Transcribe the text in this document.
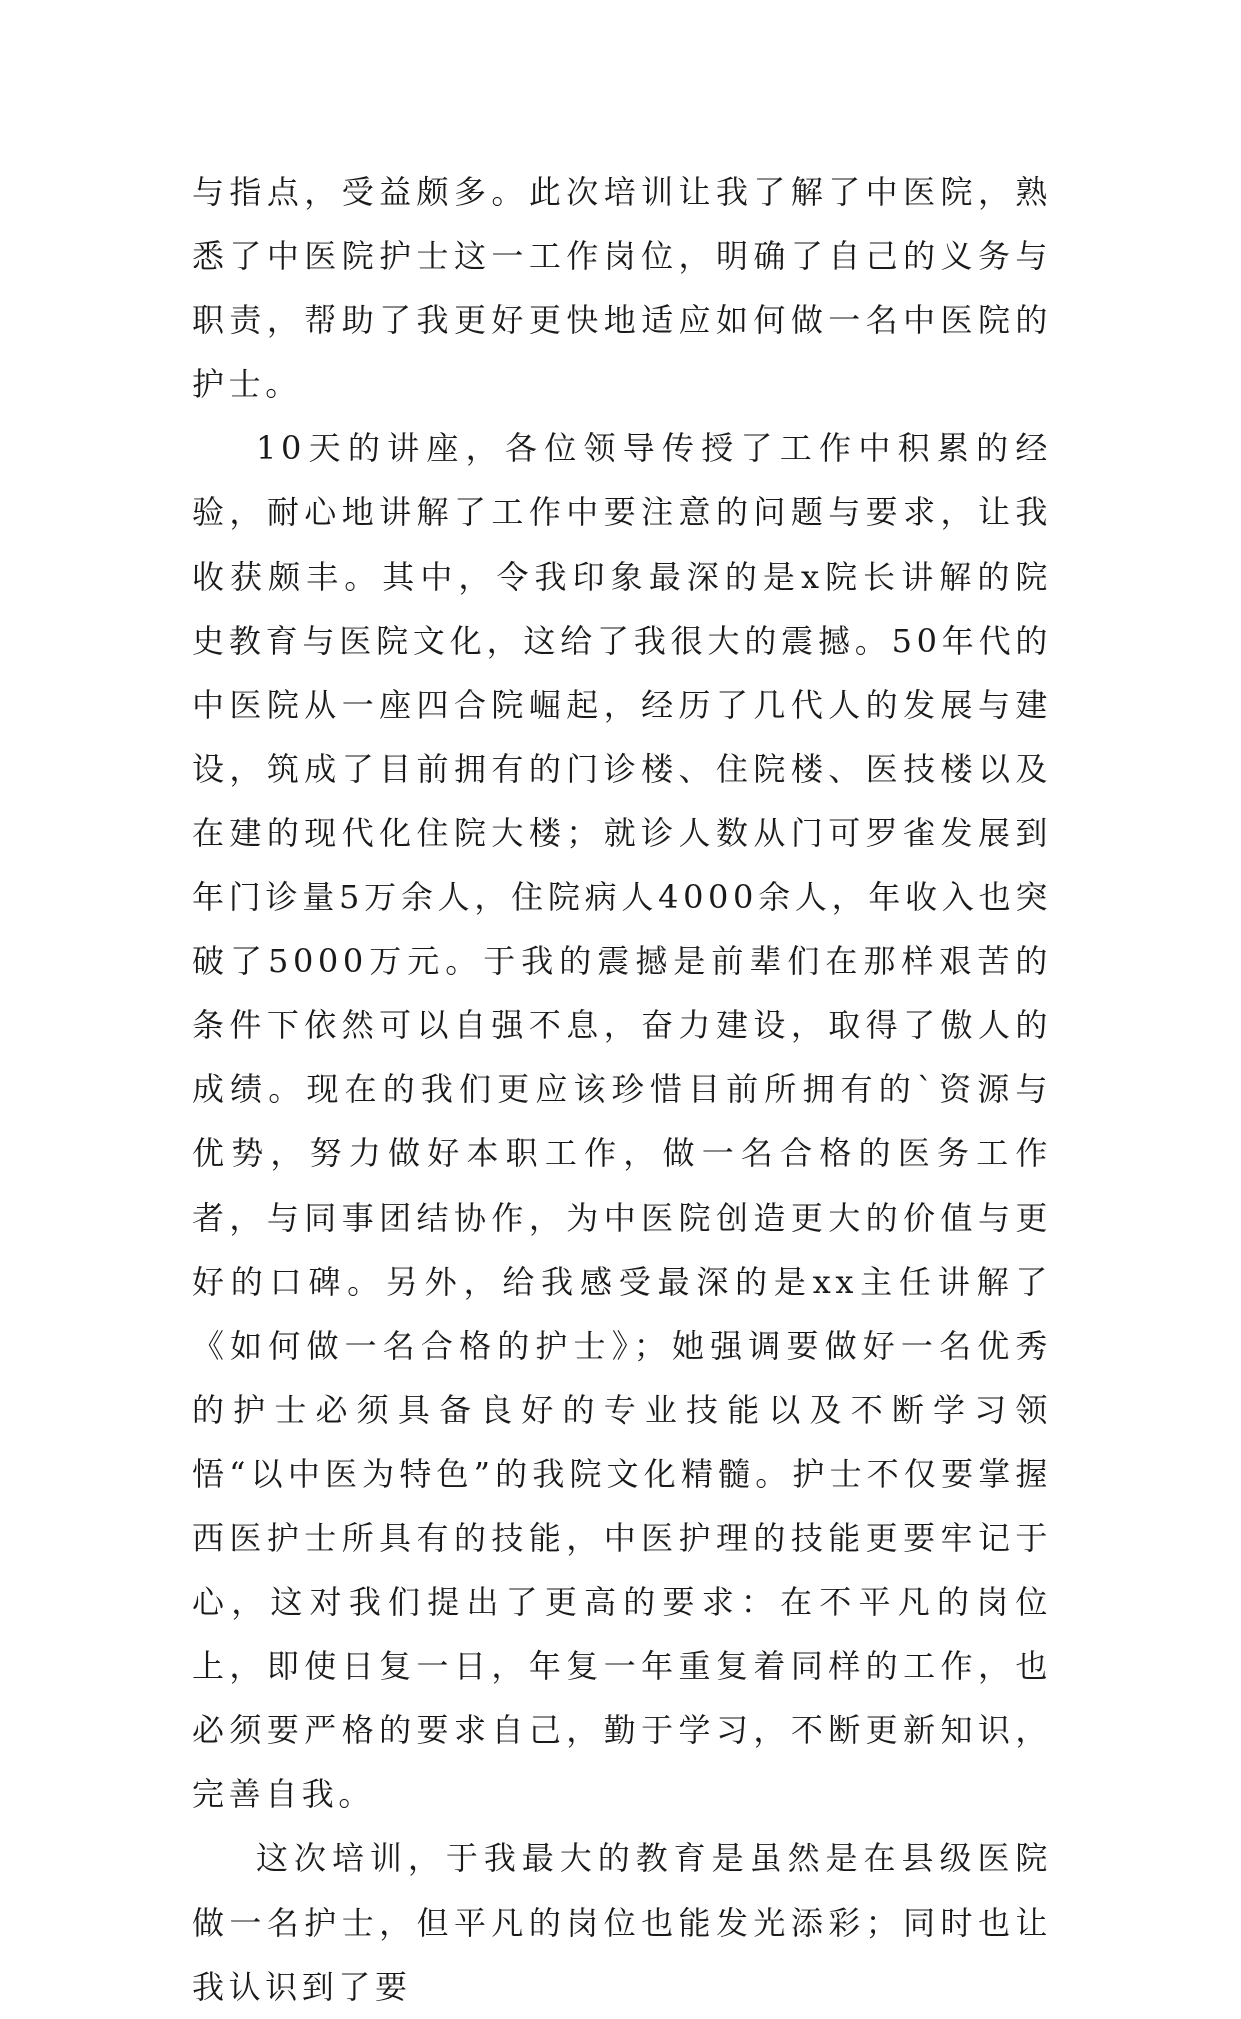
与指点，受益颇多。此次培训让我了解了中医院，熟悉了中医院护士这一工作岗位，明确了自己的义务与职责，帮助了我更好更快地适应如何做一名中医院的护士。

10天的讲座，各位领导传授了工作中积累的经验，耐心地讲解了工作中要注意的问题与要求，让我收获颇丰。其中，令我印象最深的是x院长讲解的院史教育与医院文化，这给了我很大的震撼。50年代的中医院从一座四合院崛起，经历了几代人的发展与建设，筑成了目前拥有的门诊楼、住院楼、医技楼以及在建的现代化住院大楼；就诊人数从门可罗雀发展到年门诊量5万余人，住院病人4000余人，年收入也突破了5000万元。于我的震撼是前辈们在那样艰苦的条件下依然可以自强不息，奋力建设，取得了傲人的成绩。现在的我们更应该珍惜目前所拥有的`资源与优势，努力做好本职工作，做一名合格的医务工作者，与同事团结协作，为中医院创造更大的价值与更好的口碑。另外，给我感受最深的是xx主任讲解了《如何做一名合格的护士》；她强调要做好一名优秀的护士必须具备良好的专业技能以及不断学习领悟“以中医为特色”的我院文化精髓。护士不仅要掌握西医护士所具有的技能，中医护理的技能更要牢记于心，这对我们提出了更高的要求：在不平凡的岗位上，即使日复一日，年复一年重复着同样的工作，也必须要严格的要求自己，勤于学习，不断更新知识，完善自我。

这次培训，于我最大的教育是虽然是在县级医院做一名护士，但平凡的岗位也能发光添彩；同时也让我认识到了要
